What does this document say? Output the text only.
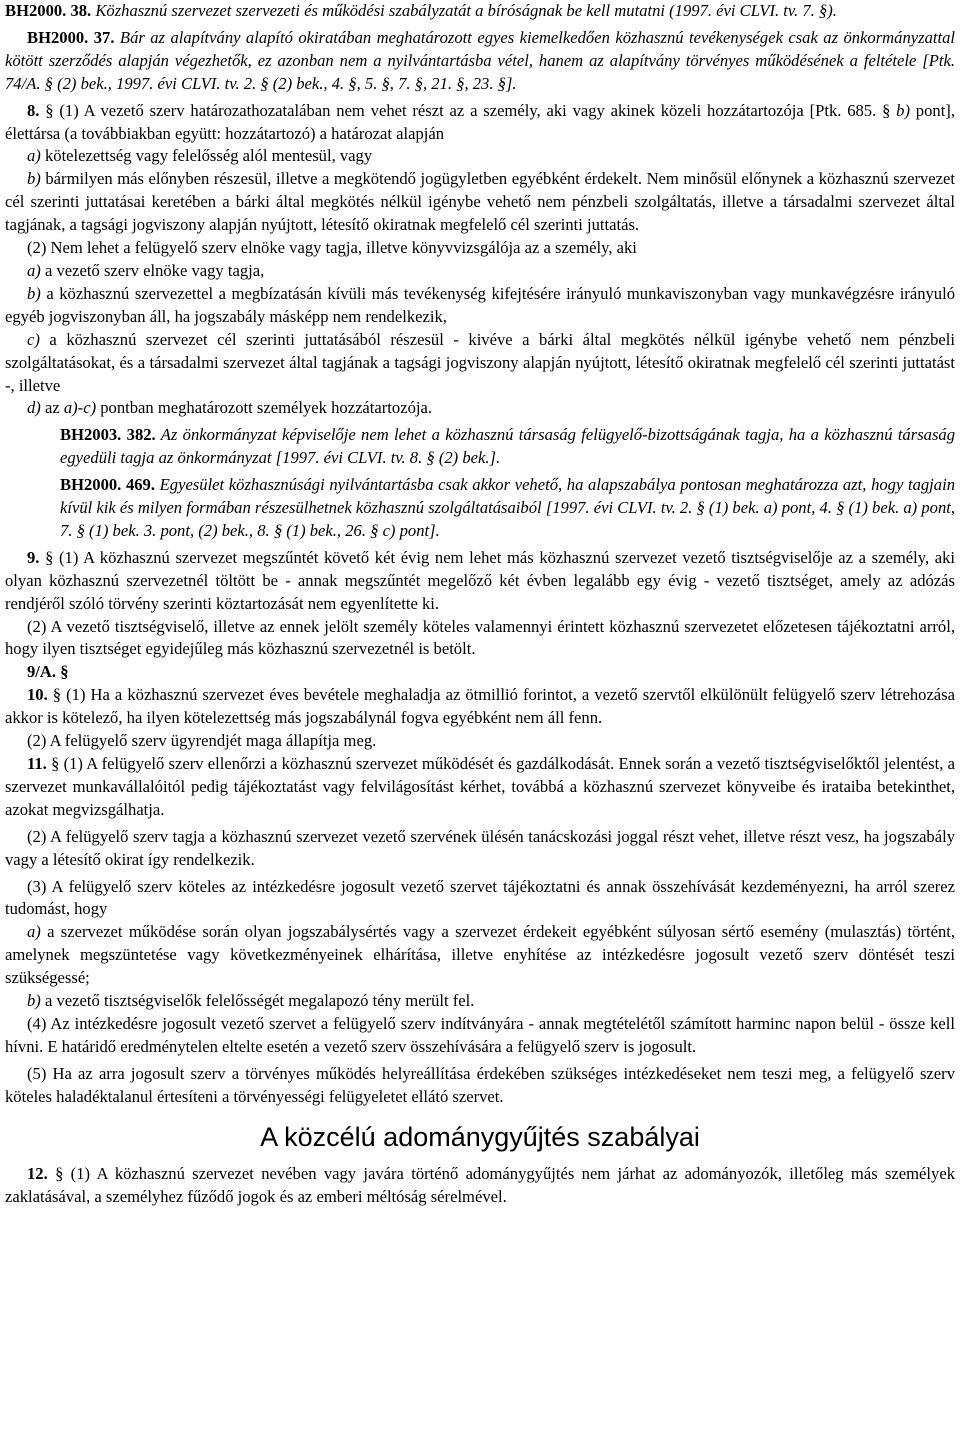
BH2000. 38. Közhasznú szervezet szervezeti és működési szabályzatát a bíróságnak be kell mutatni (1997. évi CLVI. tv. 7. §).

BH2000. 37. Bár az alapítvány alapító okiratában meghatározott egyes kiemelkedően közhasznú tevékenységek csak az önkormányzattal kötött szerződés alapján végezhetők, ez azonban nem a nyilvántartásba vétel, hanem az alapítvány törvényes működésének a feltétele [Ptk. 74/A. § (2) bek., 1997. évi CLVI. tv. 2. § (2) bek., 4. §, 5. §, 7. §, 21. §, 23. §].

8. § (1) A vezető szerv határozathozatalában nem vehet részt az a személy, aki vagy akinek közeli hozzátartozója [Ptk. 685. § b) pont], élettársa (a továbbiakban együtt: hozzátartozó) a határozat alapján

a) kötelezettség vagy felelősség alól mentesül, vagy

b) bármilyen más előnyben részesül, illetve a megkötendő jogügyletben egyébként érdekelt. Nem minősül előnynek a közhasznú szervezet cél szerinti juttatásai keretében a bárki által megkötés nélkül igénybe vehető nem pénzbeli szolgáltatás, illetve a társadalmi szervezet által tagjának, a tagsági jogviszony alapján nyújtott, létesítő okiratnak megfelelő cél szerinti juttatás.

(2) Nem lehet a felügyelő szerv elnöke vagy tagja, illetve könyvvizsgálója az a személy, aki

a) a vezető szerv elnöke vagy tagja,

b) a közhasznú szervezettel a megbízatásán kívüli más tevékenység kifejtésére irányuló munkaviszonyban vagy munkavégzésre irányuló egyéb jogviszonyban áll, ha jogszabály másképp nem rendelkezik,

c) a közhasznú szervezet cél szerinti juttatásából részesül - kivéve a bárki által megkötés nélkül igénybe vehető nem pénzbeli szolgáltatásokat, és a társadalmi szervezet által tagjának a tagsági jogviszony alapján nyújtott, létesítő okiratnak megfelelő cél szerinti juttatást -, illetve

d) az a)-c) pontban meghatározott személyek hozzátartozója.

BH2003. 382. Az önkormányzat képviselője nem lehet a közhasznú társaság felügyelő-bizottságának tagja, ha a közhasznú társaság egyedüli tagja az önkormányzat [1997. évi CLVI. tv. 8. § (2) bek.].

BH2000. 469. Egyesület közhasznúsági nyilvántartásba csak akkor vehető, ha alapszabálya pontosan meghatározza azt, hogy tagjain kívül kik és milyen formában részesülhetnek közhasznú szolgáltatásaiból [1997. évi CLVI. tv. 2. § (1) bek. a) pont, 4. § (1) bek. a) pont, 7. § (1) bek. 3. pont, (2) bek., 8. § (1) bek., 26. § c) pont].

9. § (1) A közhasznú szervezet megszűntét követő két évig nem lehet más közhasznú szervezet vezető tisztségviselője az a személy, aki olyan közhasznú szervezetnél töltött be - annak megszűntét megelőző két évben legalább egy évig - vezető tisztséget, amely az adózás rendjéről szóló törvény szerinti köztartozását nem egyenlítette ki.

(2) A vezető tisztségviselő, illetve az ennek jelölt személy köteles valamennyi érintett közhasznú szervezetet előzetesen tájékoztatni arról, hogy ilyen tisztséget egyidejűleg más közhasznú szervezetnél is betölt.

9/A. §

10. § (1) Ha a közhasznú szervezet éves bevétele meghaladja az ötmillió forintot, a vezető szervtől elkülönült felügyelő szerv létrehozása akkor is kötelező, ha ilyen kötelezettség más jogszabálynál fogva egyébként nem áll fenn.

(2) A felügyelő szerv ügyrendjét maga állapítja meg.

11. § (1) A felügyelő szerv ellenőrzi a közhasznú szervezet működését és gazdálkodását. Ennek során a vezető tisztségviselőktől jelentést, a szervezet munkavállalóitól pedig tájékoztatást vagy felvilágosítást kérhet, továbbá a közhasznú szervezet könyveibe és irataiba betekinthet, azokat megvizsgálhatja.

(2) A felügyelő szerv tagja a közhasznú szervezet vezető szervének ülésén tanácskozási joggal részt vehet, illetve részt vesz, ha jogszabály vagy a létesítő okirat így rendelkezik.

(3) A felügyelő szerv köteles az intézkedésre jogosult vezető szervet tájékoztatni és annak összehívását kezdeményezni, ha arról szerez tudomást, hogy

a) a szervezet működése során olyan jogszabálysértés vagy a szervezet érdekeit egyébként súlyosan sértő esemény (mulasztás) történt, amelynek megszüntetése vagy következményeinek elhárítása, illetve enyhítése az intézkedésre jogosult vezető szerv döntését teszi szükségessé;

b) a vezető tisztségviselők felelősségét megalapozó tény merült fel.

(4) Az intézkedésre jogosult vezető szervet a felügyelő szerv indítványára - annak megtételétől számított harminc napon belül - össze kell hívni. E határidő eredménytelen eltelte esetén a vezető szerv összehívására a felügyelő szerv is jogosult.

(5) Ha az arra jogosult szerv a törvényes működés helyreállítása érdekében szükséges intézkedéseket nem teszi meg, a felügyelő szerv köteles haladéktalanul értesíteni a törvényességi felügyeletet ellátó szervet.

A közcélú adománygyűjtés szabályai

12. § (1) A közhasznú szervezet nevében vagy javára történő adománygyűjtés nem járhat az adományozók, illetőleg más személyek zaklatásával, a személyhez fűződő jogok és az emberi méltóság sérelmével.
